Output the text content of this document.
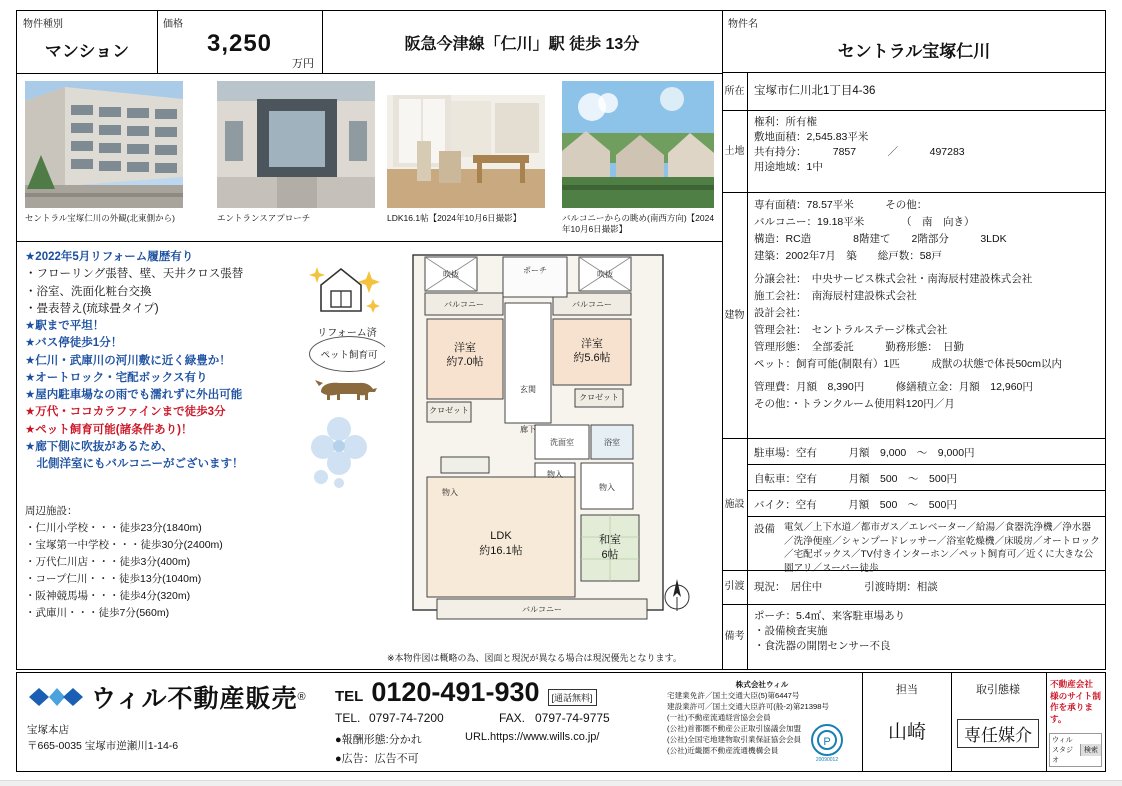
物件種別
マンション
価格
3,250
万円
阪急今津線「仁川」駅 徒歩 13分
セントラル宝塚仁川の外観(北東側から)	エントランスアプローチ	LDK16.1帖【2024年10月6日撮影】	バルコニーからの眺め(南西方向)【2024年10月6日撮影】
★2022年5月リフォーム履歴有り
・フローリング張替、壁、天井クロス張替
・浴室、洗面化粧台交換
・畳表替え(琉球畳タイプ)
★駅まで平坦！
★バス停徒歩1分！
★仁川・武庫川の河川敷に近く緑豊か！
★オートロック・宅配ボックス有り
★屋内駐車場なの雨でも濡れずに外出可能
★万代・ココカラファインまで徒歩3分
★ペット飼育可能(諸条件あり)！
★廊下側に吹抜があるため、
　北側洋室にもバルコニーがございます！
周辺施設：
・仁川小学校・・・徒歩23分(1840m)
・宝塚第一中学校・・・徒歩30分(2400m)
・万代仁川店・・・徒歩3分(400m)
・コープ仁川・・・徒歩13分(1040m)
・阪神競馬場・・・徒歩4分(320m)
・武庫川・・・徒歩7分(560m)
リフォーム済
ペット飼育可
吹抜	吹抜
ポーチ
バルコニー	バルコニー
クロゼット
クロゼット
洗面室	浴室
物入
物入
物入
玄関
廊下
バルコニー
洋室
約7.0帖
洋室
約5.6帖
LDK
約16.1帖
和室
6帖
※本物件図は概略の為、図面と現況が異なる場合は現況優先となります。
物件名
セントラル宝塚仁川
所在 宝塚市仁川北1丁目4-36
土地
権利：所有権
敷地面積：2,545.83平米
共有持分：　　　7857　　　／　　　497283
用途地域：1中
建物
専有面積：78.57平米　　　その他：
バルコニー：19.18平米　　　　（　南　向き）
構造：RC造　　　　8階建て　　2階部分　　　3LDK
建築：2002年7月　築　　総戸数：58戸
分譲会社：　中央サービス株式会社・南海辰村建設株式会社
施工会社：　南海辰村建設株式会社
設計会社：
管理会社：　セントラルステージ株式会社
管理形態：　全部委託　　　勤務形態：　日勤
ペット：飼育可能(制限有）1匹　　　成獣の状態で体長50cm以内
管理費：月額　8,390円　　　修繕積立金：月額　12,960円
その他：・トランクルーム使用料120円／月
施設
駐車場：空有　　　月額　9,000　〜　9,000円
自転車：空有　　　月額　500　〜　500円
バイク：空有　　　月額　500　〜　500円
設備 電気／上下水道／都市ガス／エレベーター／給湯／食器洗浄機／浄水器／洗浄便座／シャンプードレッサー／浴室乾燥機／床暖房／オートロック／宅配ボックス／TV付きインターホン／ペット飼育可／近くに大きな公園アリ／スーパー徒歩
引渡 現況：　居住中　　　　引渡時期：相談
備考
ポーチ：5.4㎡、来客駐車場あり
・設備検査実施
・食洗器の開閉センサー不良
ウィル不動産販売 ®
宝塚本店
〒665-0035 宝塚市逆瀬川1-14-6
TEL 0120-491-930	[通話無料]
TEL. 0797-74-7200	FAX. 0797-74-9775
●報酬形態:分かれ	URL.https://www.wills.co.jp/
●広告：広告不可
株式会社ウィル
宅建業免許／国土交通大臣(5)第6447号
建設業許可／国土交通大臣許可(般-2)第21398号
(一社)不動産流通経営協会会員
(公社)首都圏不動産公正取引協議会加盟
(公社)全国宅地建物取引業保証協会会員
(公社)近畿圏不動産流通機構会員
P
20090012
担当
山崎
取引態様
専任媒介
不動産会社様のサイト制作を承ります。
ウィルスタジオ
検索
